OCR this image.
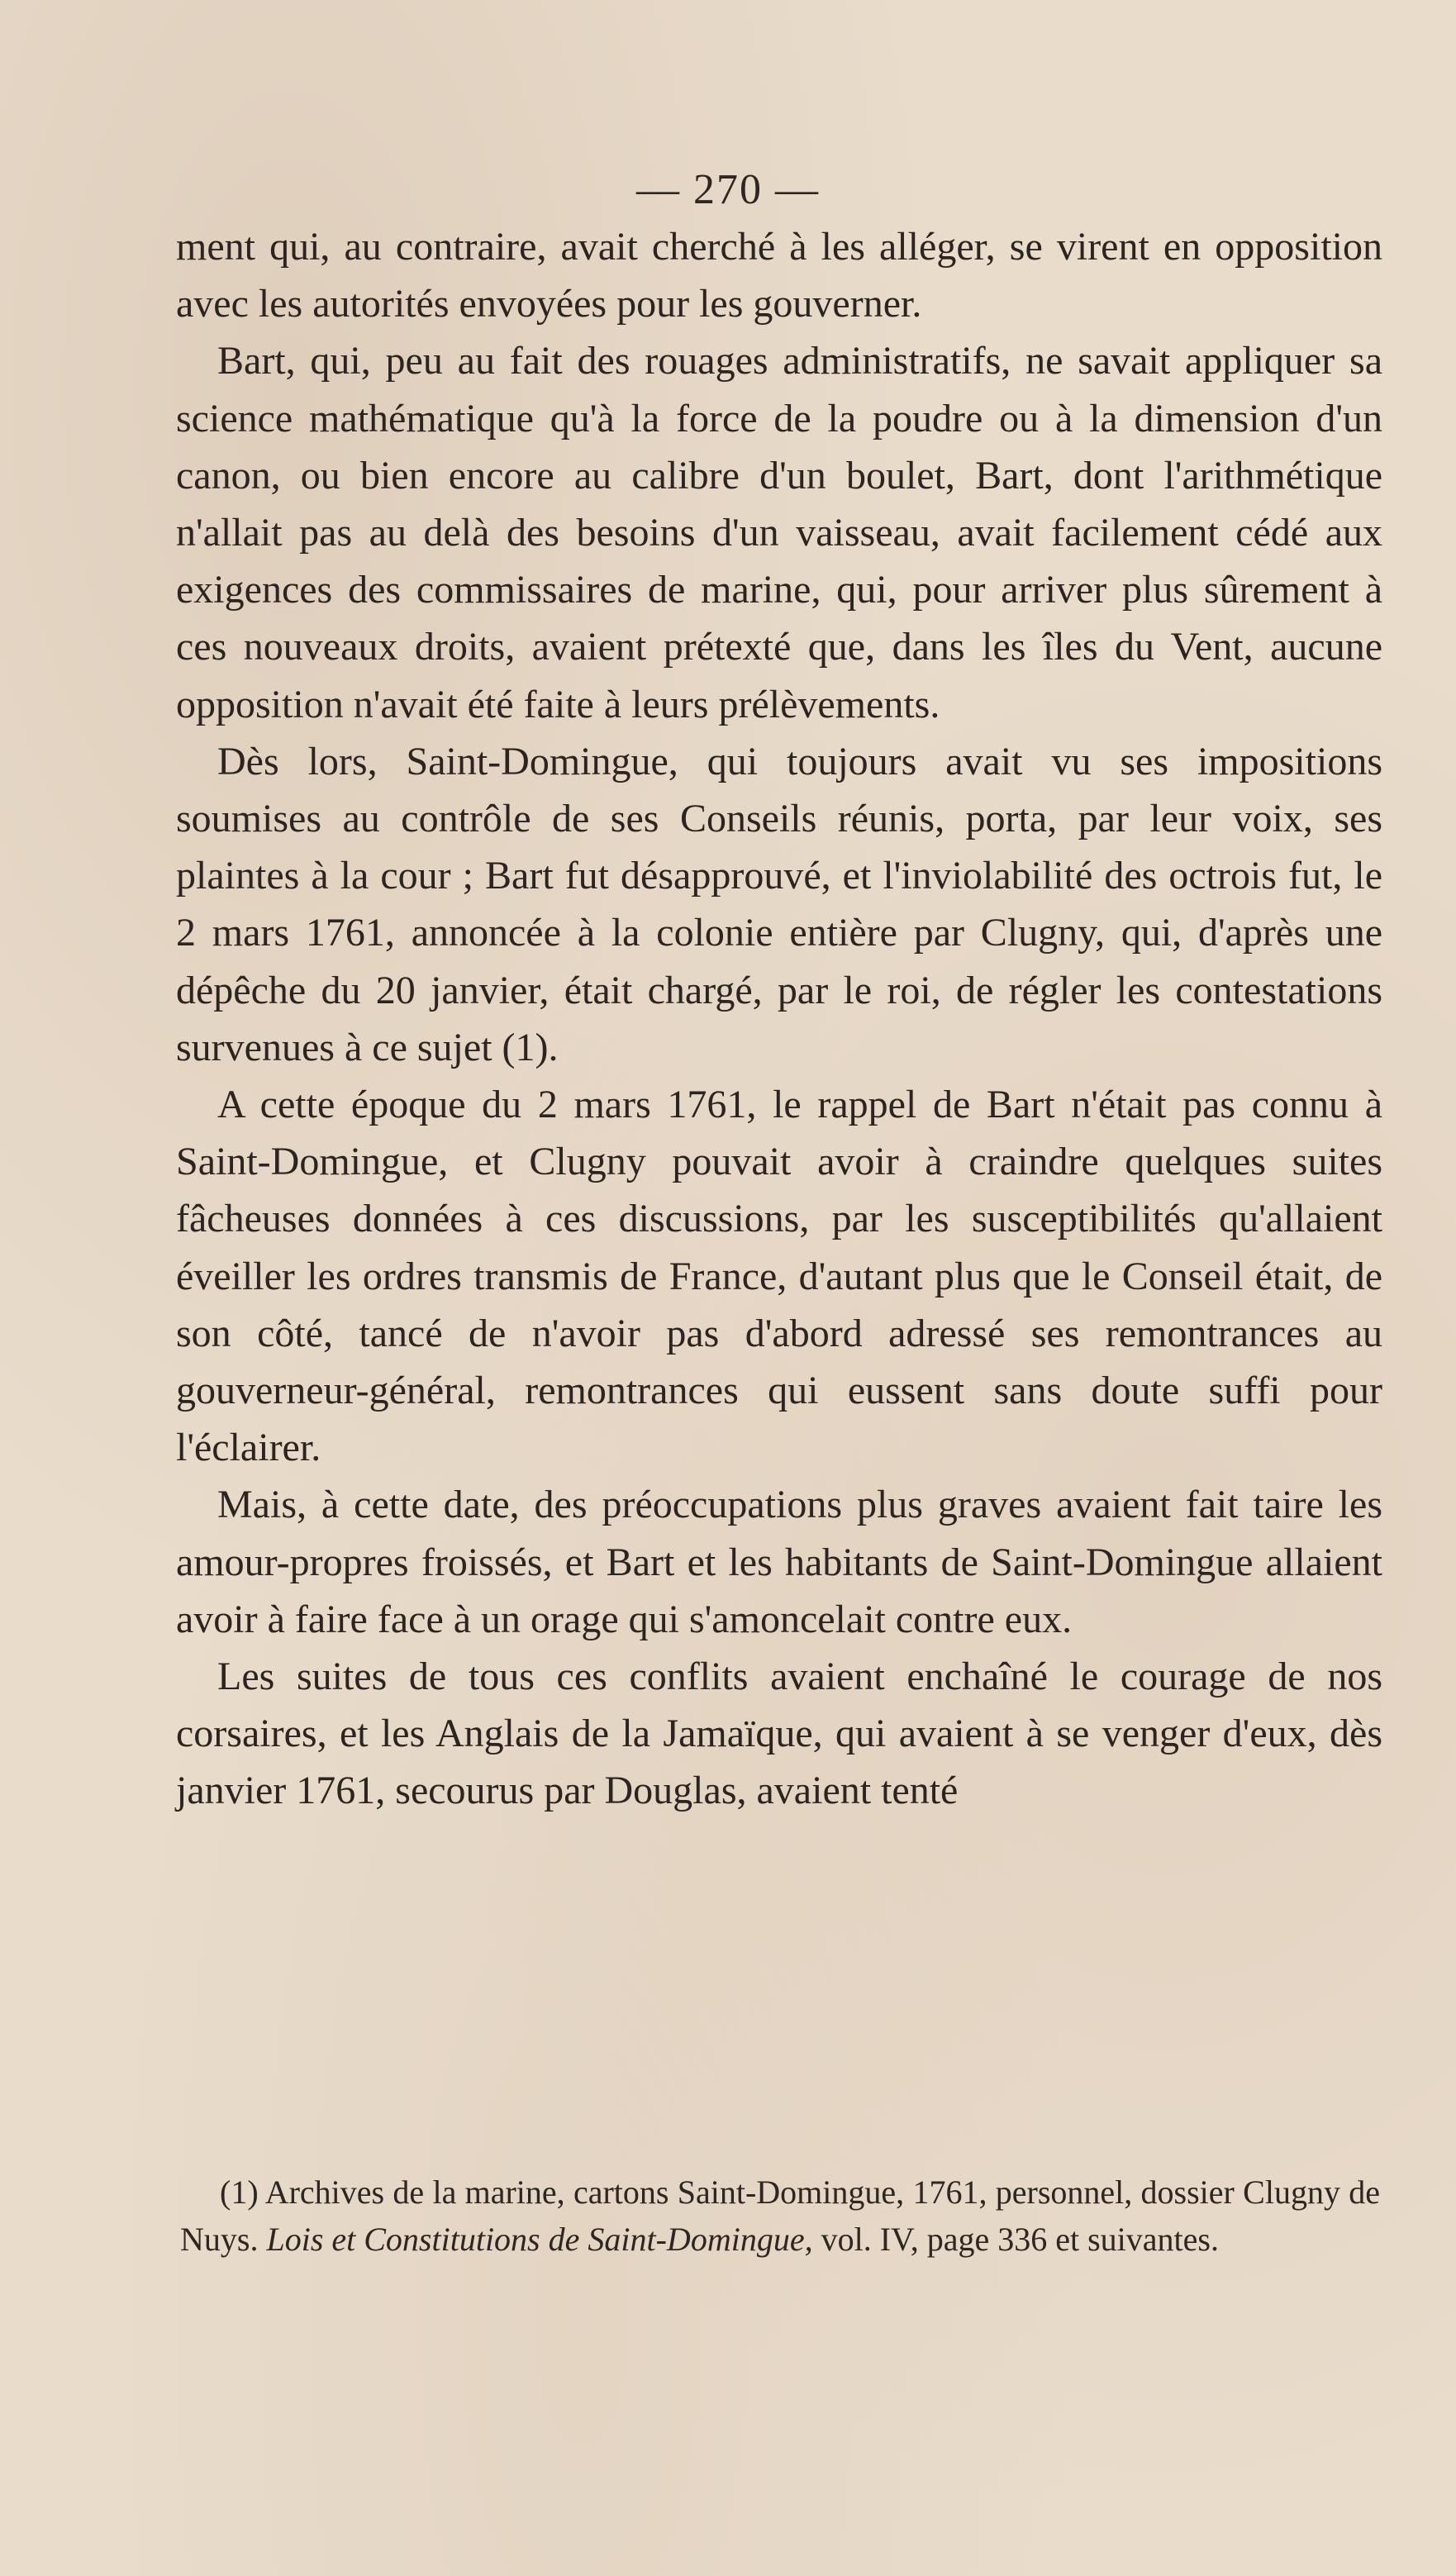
— 270 —

ment qui, au contraire, avait cherché à les alléger, se virent en opposition avec les autorités envoyées pour les gouverner.

Bart, qui, peu au fait des rouages administratifs, ne savait appliquer sa science mathématique qu'à la force de la poudre ou à la dimension d'un canon, ou bien encore au calibre d'un boulet, Bart, dont l'arithmétique n'allait pas au delà des besoins d'un vaisseau, avait facilement cédé aux exigences des commissaires de marine, qui, pour arriver plus sûrement à ces nouveaux droits, avaient prétexté que, dans les îles du Vent, aucune opposition n'avait été faite à leurs prélèvements.

Dès lors, Saint-Domingue, qui toujours avait vu ses impositions soumises au contrôle de ses Conseils réunis, porta, par leur voix, ses plaintes à la cour ; Bart fut désapprouvé, et l'inviolabilité des octrois fut, le 2 mars 1761, annoncée à la colonie entière par Clugny, qui, d'après une dépêche du 20 janvier, était chargé, par le roi, de régler les contestations survenues à ce sujet (1).

A cette époque du 2 mars 1761, le rappel de Bart n'était pas connu à Saint-Domingue, et Clugny pouvait avoir à craindre quelques suites fâcheuses données à ces discussions, par les susceptibilités qu'allaient éveiller les ordres transmis de France, d'autant plus que le Conseil était, de son côté, tancé de n'avoir pas d'abord adressé ses remontrances au gouverneur-général, remontrances qui eussent sans doute suffi pour l'éclairer.

Mais, à cette date, des préoccupations plus graves avaient fait taire les amour-propres froissés, et Bart et les habitants de Saint-Domingue allaient avoir à faire face à un orage qui s'amoncelait contre eux.

Les suites de tous ces conflits avaient enchaîné le courage de nos corsaires, et les Anglais de la Jamaïque, qui avaient à se venger d'eux, dès janvier 1761, secourus par Douglas, avaient tenté

(1) Archives de la marine, cartons Saint-Domingue, 1761, personnel, dossier Clugny de Nuys. Lois et Constitutions de Saint-Domingue, vol. IV, page 336 et suivantes.
